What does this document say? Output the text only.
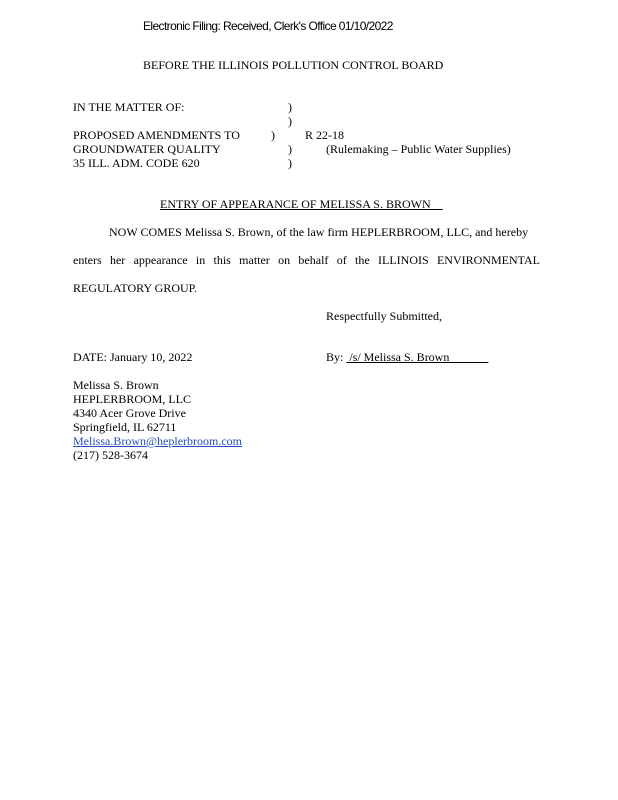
Electronic Filing: Received, Clerk's Office 01/10/2022
BEFORE THE ILLINOIS POLLUTION CONTROL BOARD
IN THE MATTER OF:	)
)
PROPOSED AMENDMENTS TO	)	R 22-18
GROUNDWATER QUALITY	)	(Rulemaking – Public Water Supplies)
35 ILL. ADM. CODE 620	)
ENTRY OF APPEARANCE OF MELISSA S. BROWN
NOW COMES Melissa S. Brown, of the law firm HEPLERBROOM, LLC, and hereby
enters her appearance in this matter on behalf of the ILLINOIS ENVIRONMENTAL
REGULATORY GROUP.
Respectfully Submitted,
DATE: January 10, 2022	By: /s/ Melissa S. Brown
Melissa S. Brown
HEPLERBROOM, LLC
4340 Acer Grove Drive
Springfield, IL 62711
Melissa.Brown@heplerbroom.com
(217) 528-3674
